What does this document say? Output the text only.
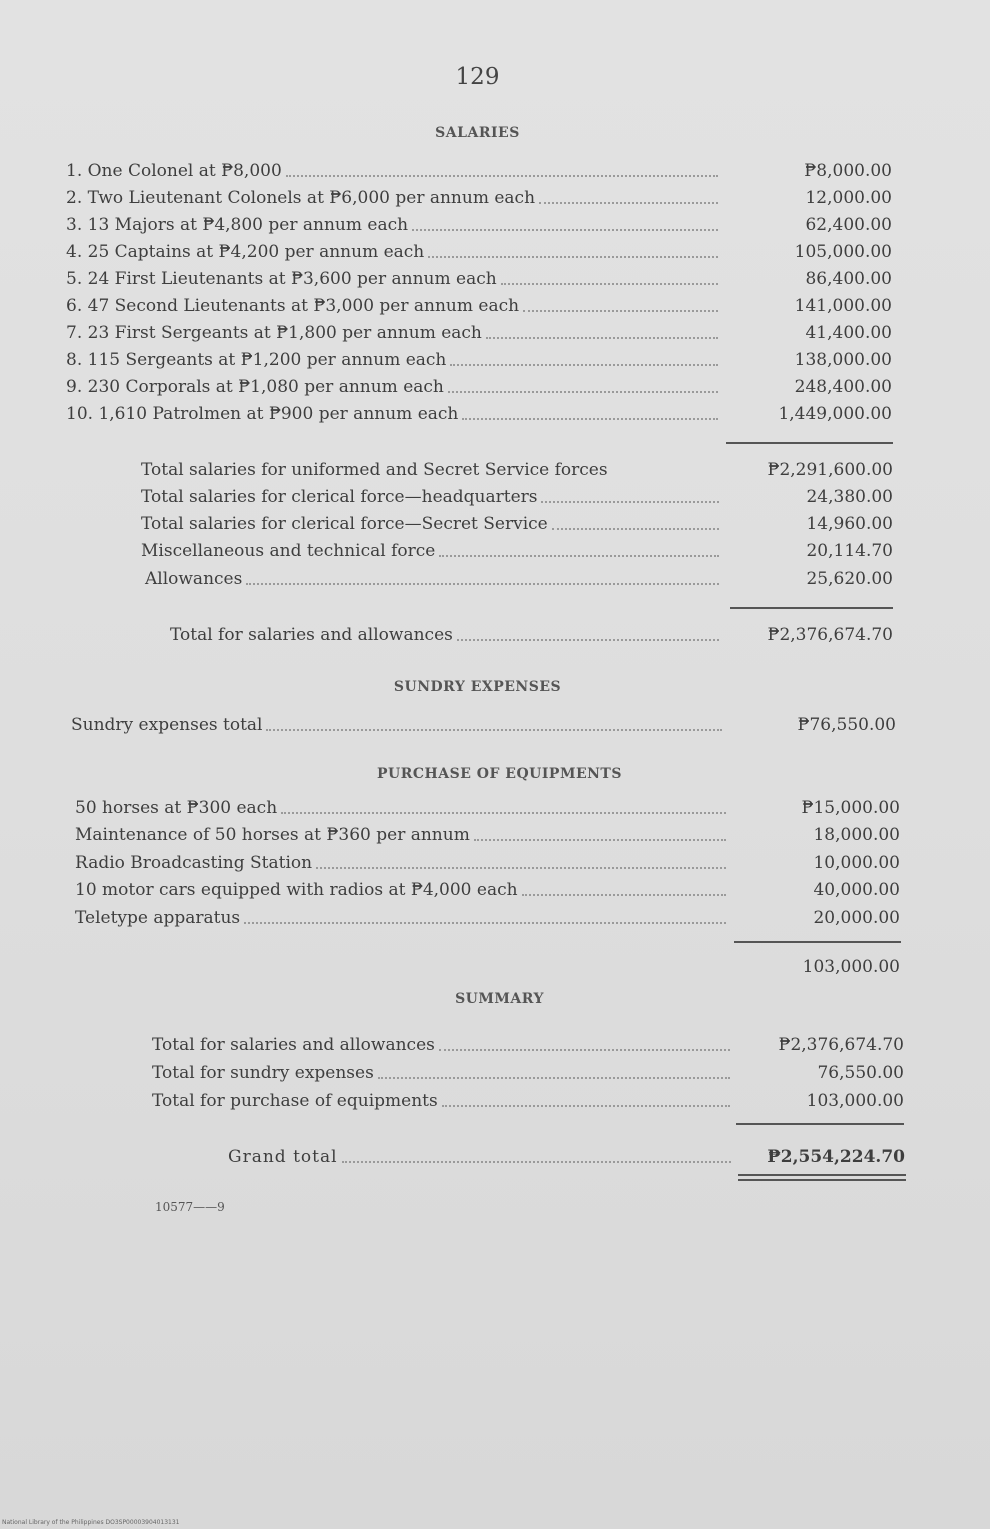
129
SALARIES
1. One Colonel at ₱8,000	₱8,000.00
2. Two Lieutenant Colonels at ₱6,000 per annum each	12,000.00
3. 13 Majors at ₱4,800 per annum each	62,400.00
4. 25 Captains at ₱4,200 per annum each	105,000.00
5. 24 First Lieutenants at ₱3,600 per annum each	86,400.00
6. 47 Second Lieutenants at ₱3,000 per annum each	141,000.00
7. 23 First Sergeants at ₱1,800 per annum each	41,400.00
8. 115 Sergeants at ₱1,200 per annum each	138,000.00
9. 230 Corporals at ₱1,080 per annum each	248,400.00
10. 1,610 Patrolmen at ₱900 per annum each	1,449,000.00
Total salaries for uniformed and Secret Service forces	₱2,291,600.00
Total salaries for clerical force—headquarters	24,380.00
Total salaries for clerical force—Secret Service	14,960.00
Miscellaneous and technical force	20,114.70
Allowances	25,620.00
Total for salaries and allowances	₱2,376,674.70
SUNDRY EXPENSES
Sundry expenses total	₱76,550.00
PURCHASE OF EQUIPMENTS
50 horses at ₱300 each	₱15,000.00
Maintenance of 50 horses at ₱360 per annum	18,000.00
Radio Broadcasting Station	10,000.00
10 motor cars equipped with radios at ₱4,000 each	40,000.00
Teletype apparatus	20,000.00
103,000.00
SUMMARY
Total for salaries and allowances	₱2,376,674.70
Total for sundry expenses	76,550.00
Total for purchase of equipments	103,000.00
Grand total	₱2,554,224.70
10577——9
National Library of the Philippines DO3SP00003904013131
